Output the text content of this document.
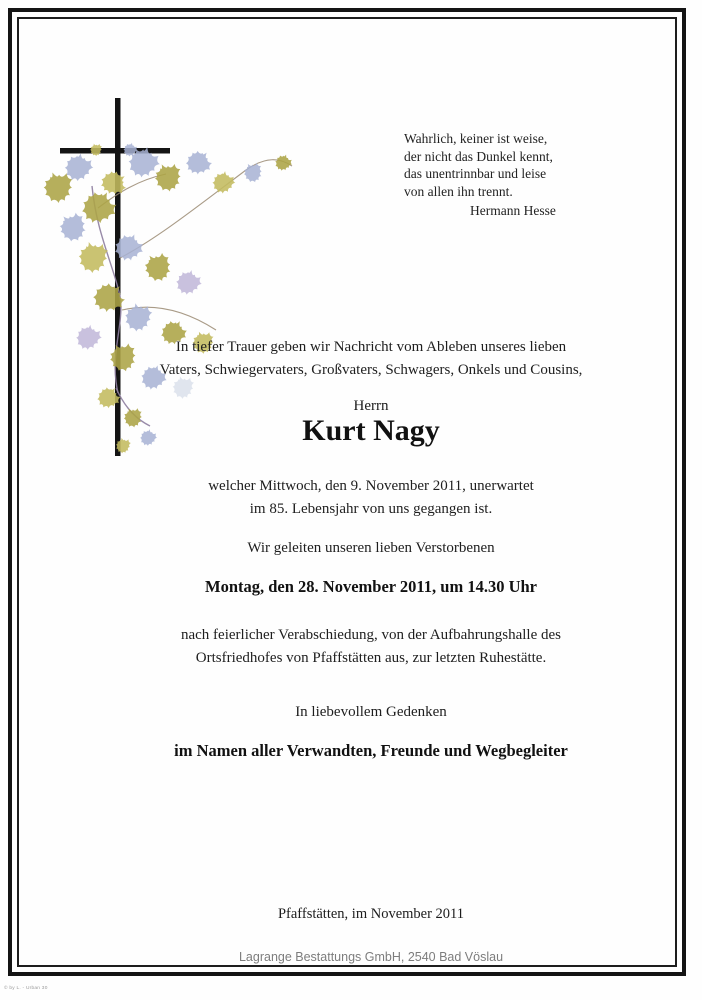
Wahrlich, keiner ist weise,
der nicht das Dunkel kennt,
das unentrinnbar und leise
von allen ihn trennt.
Hermann Hesse
In tiefer Trauer geben wir Nachricht vom Ableben unseres lieben
Vaters, Schwiegervaters, Großvaters, Schwagers, Onkels und Cousins,
Herrn
Kurt Nagy
welcher Mittwoch, den 9. November 2011, unerwartet
im 85. Lebensjahr von uns gegangen ist.
Wir geleiten unseren lieben Verstorbenen
Montag, den 28. November 2011, um 14.30 Uhr
nach feierlicher Verabschiedung, von der Aufbahrungshalle des
Ortsfriedhofes von Pfaffstätten aus, zur letzten Ruhestätte.
In liebevollem Gedenken
im Namen aller Verwandten, Freunde und Wegbegleiter
Pfaffstätten, im November 2011
Lagrange Bestattungs GmbH, 2540 Bad Vöslau
© by L. - Urban 30
